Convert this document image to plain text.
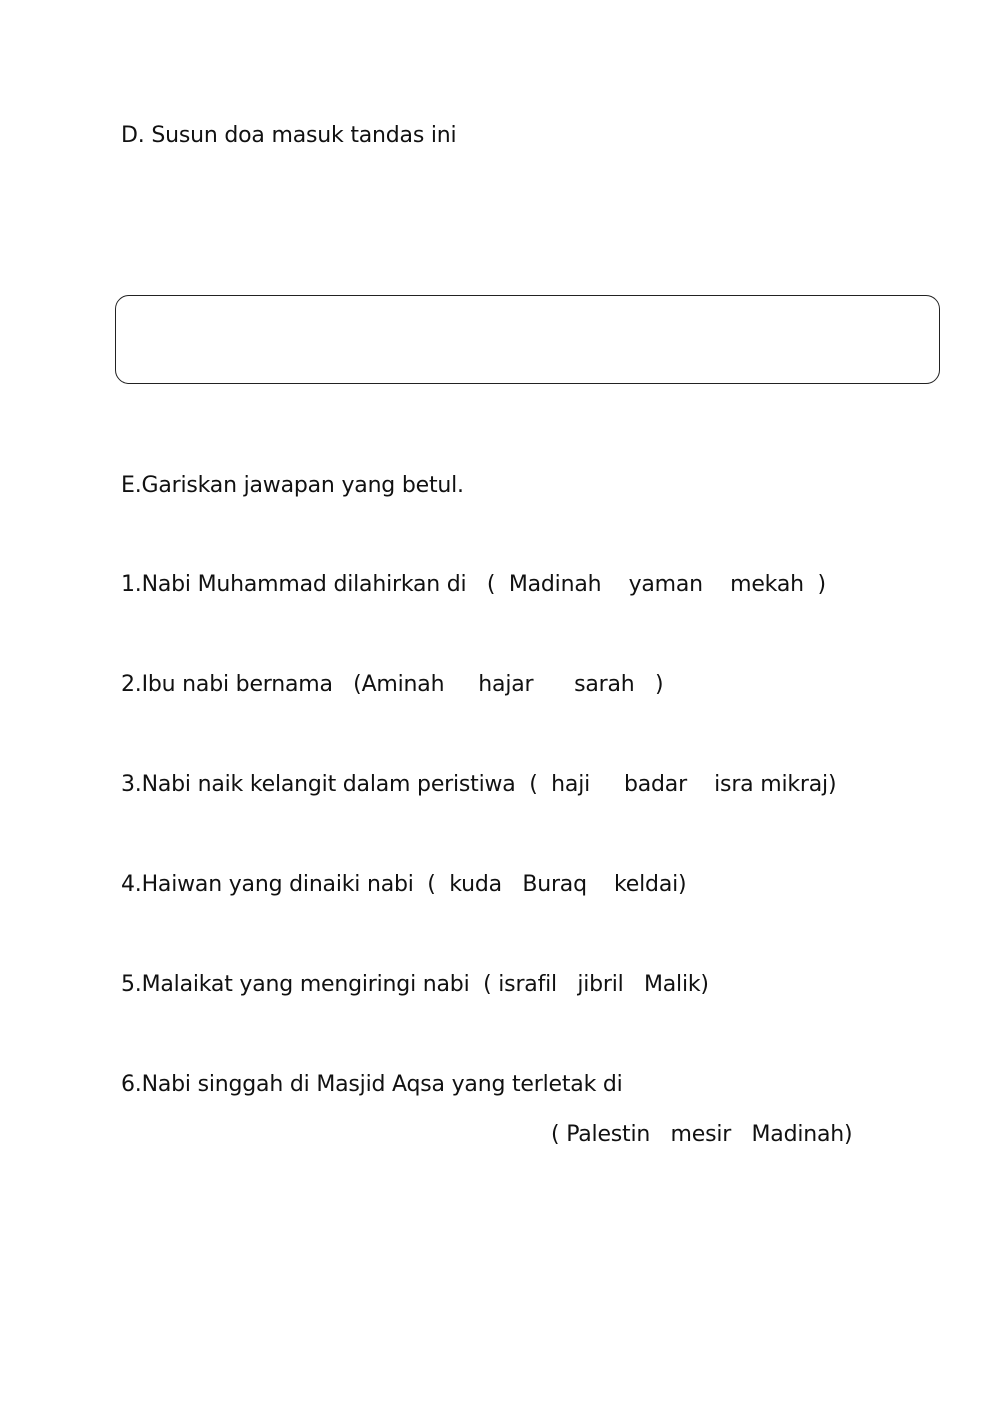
D. Susun doa masuk tandas ini
E.Gariskan jawapan yang betul.
1.Nabi Muhammad dilahirkan di ( Madinah yaman mekah )
2.Ibu nabi bernama (Aminah hajar sarah )
3.Nabi naik kelangit dalam peristiwa ( haji badar isra mikraj)
4.Haiwan yang dinaiki nabi ( kuda Buraq keldai)
5.Malaikat yang mengiringi nabi ( israfil jibril Malik)
6.Nabi singgah di Masjid Aqsa yang terletak di
( Palestin mesir Madinah)
